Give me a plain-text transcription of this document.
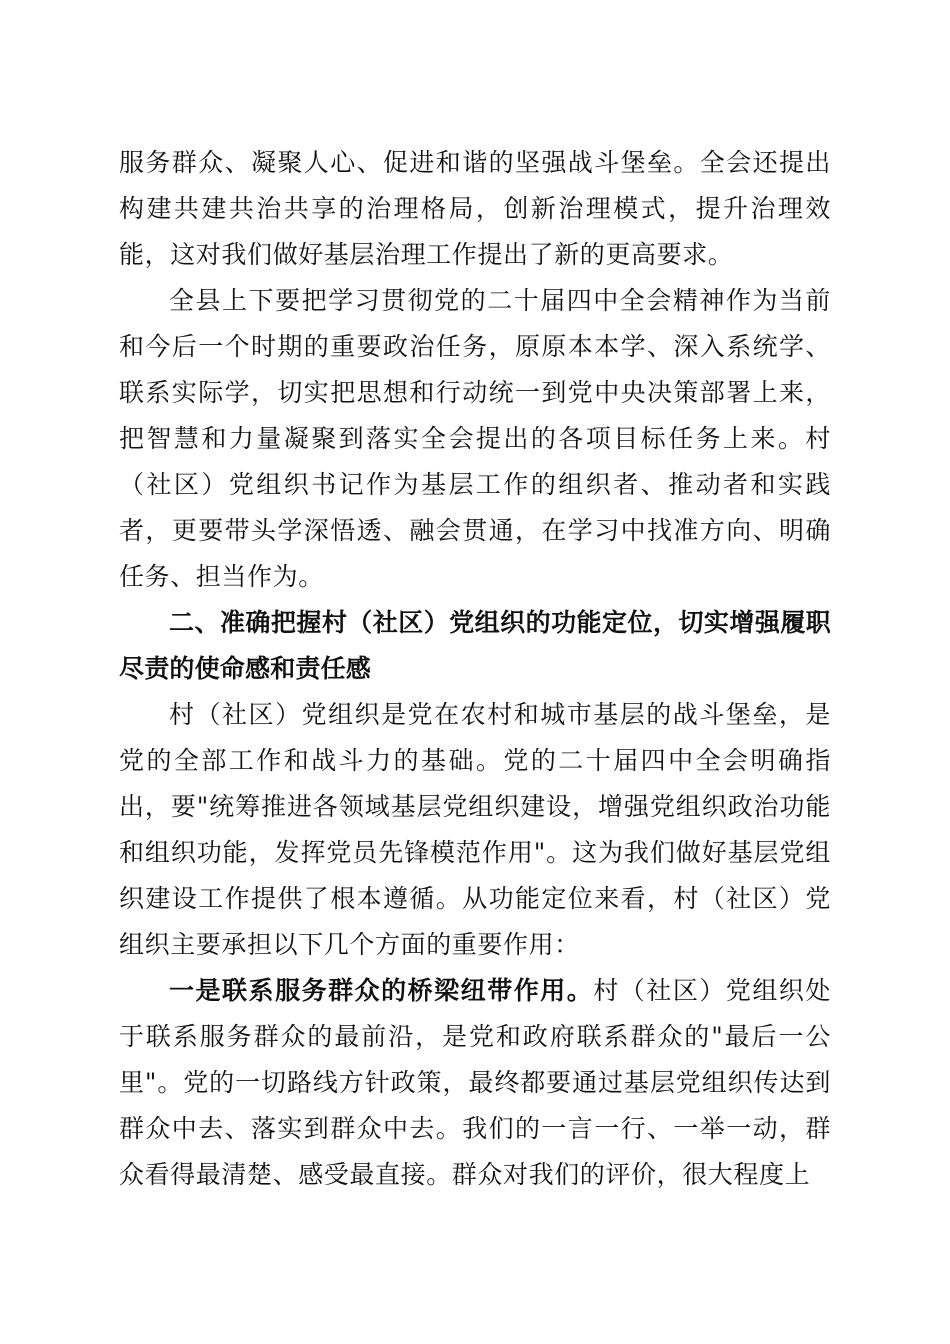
服务群众、凝聚人心、促进和谐的坚强战斗堡垒。全会还提出构建共建共治共享的治理格局，创新治理模式，提升治理效能，这对我们做好基层治理工作提出了新的更高要求。

全县上下要把学习贯彻党的二十届四中全会精神作为当前和今后一个时期的重要政治任务，原原本本学、深入系统学、联系实际学，切实把思想和行动统一到党中央决策部署上来，把智慧和力量凝聚到落实全会提出的各项目标任务上来。村（社区）党组织书记作为基层工作的组织者、推动者和实践者，更要带头学深悟透、融会贯通，在学习中找准方向、明确任务、担当作为。

二、准确把握村（社区）党组织的功能定位，切实增强履职尽责的使命感和责任感

村（社区）党组织是党在农村和城市基层的战斗堡垒，是党的全部工作和战斗力的基础。党的二十届四中全会明确指出，要"统筹推进各领域基层党组织建设，增强党组织政治功能和组织功能，发挥党员先锋模范作用"。这为我们做好基层党组织建设工作提供了根本遵循。从功能定位来看，村（社区）党组织主要承担以下几个方面的重要作用：

一是联系服务群众的桥梁纽带作用。村（社区）党组织处于联系服务群众的最前沿，是党和政府联系群众的"最后一公里"。党的一切路线方针政策，最终都要通过基层党组织传达到群众中去、落实到群众中去。我们的一言一行、一举一动，群众看得最清楚、感受最直接。群众对我们的评价，很大程度上
